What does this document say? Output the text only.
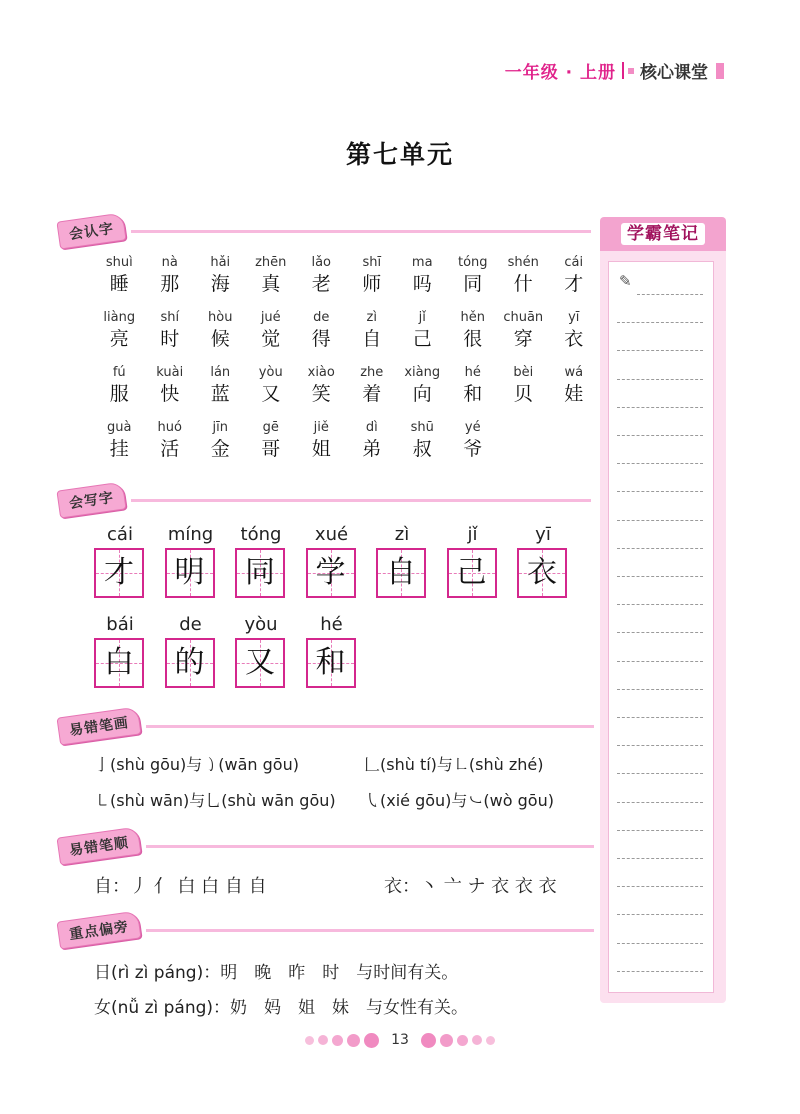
一年级 · 上册 核心课堂
第七单元
会认字
shuì
睡
nà
那
hǎi
海
zhēn
真
lǎo
老
shī
师
ma
吗
tóng
同
shén
什
cái
才
liàng
亮
shí
时
hòu
候
jué
觉
de
得
zì
自
jǐ
己
hěn
很
chuān
穿
yī
衣
fú
服
kuài
快
lán
蓝
yòu
又
xiào
笑
zhe
着
xiàng
向
hé
和
bèi
贝
wá
娃
guà
挂
huó
活
jīn
金
gē
哥
jiě
姐
dì
弟
shū
叔
yé
爷
会写字
cái
才
míng
明
tóng
同
xué
学
zì
自
jǐ
己
yī
衣
bái
白
de
的
yòu
又
hé
和
易错笔画
亅(shù gōu)与㇁(wān gōu)	𠃊(shù tí)与㇗(shù zhé)
㇄(shù wān)与乚(shù wān gōu) ㇂(xié gōu)与㇃(wò gōu)
易错笔顺
自：丿 亻 白 白 自 自	衣：丶 亠 ナ 衣 衣 衣
重点偏旁
日(rì zì páng)：明　晚　昨　时　与时间有关。
女(nǚ zì páng)：奶　妈　姐　妹　与女性有关。
学霸笔记
✎
13
